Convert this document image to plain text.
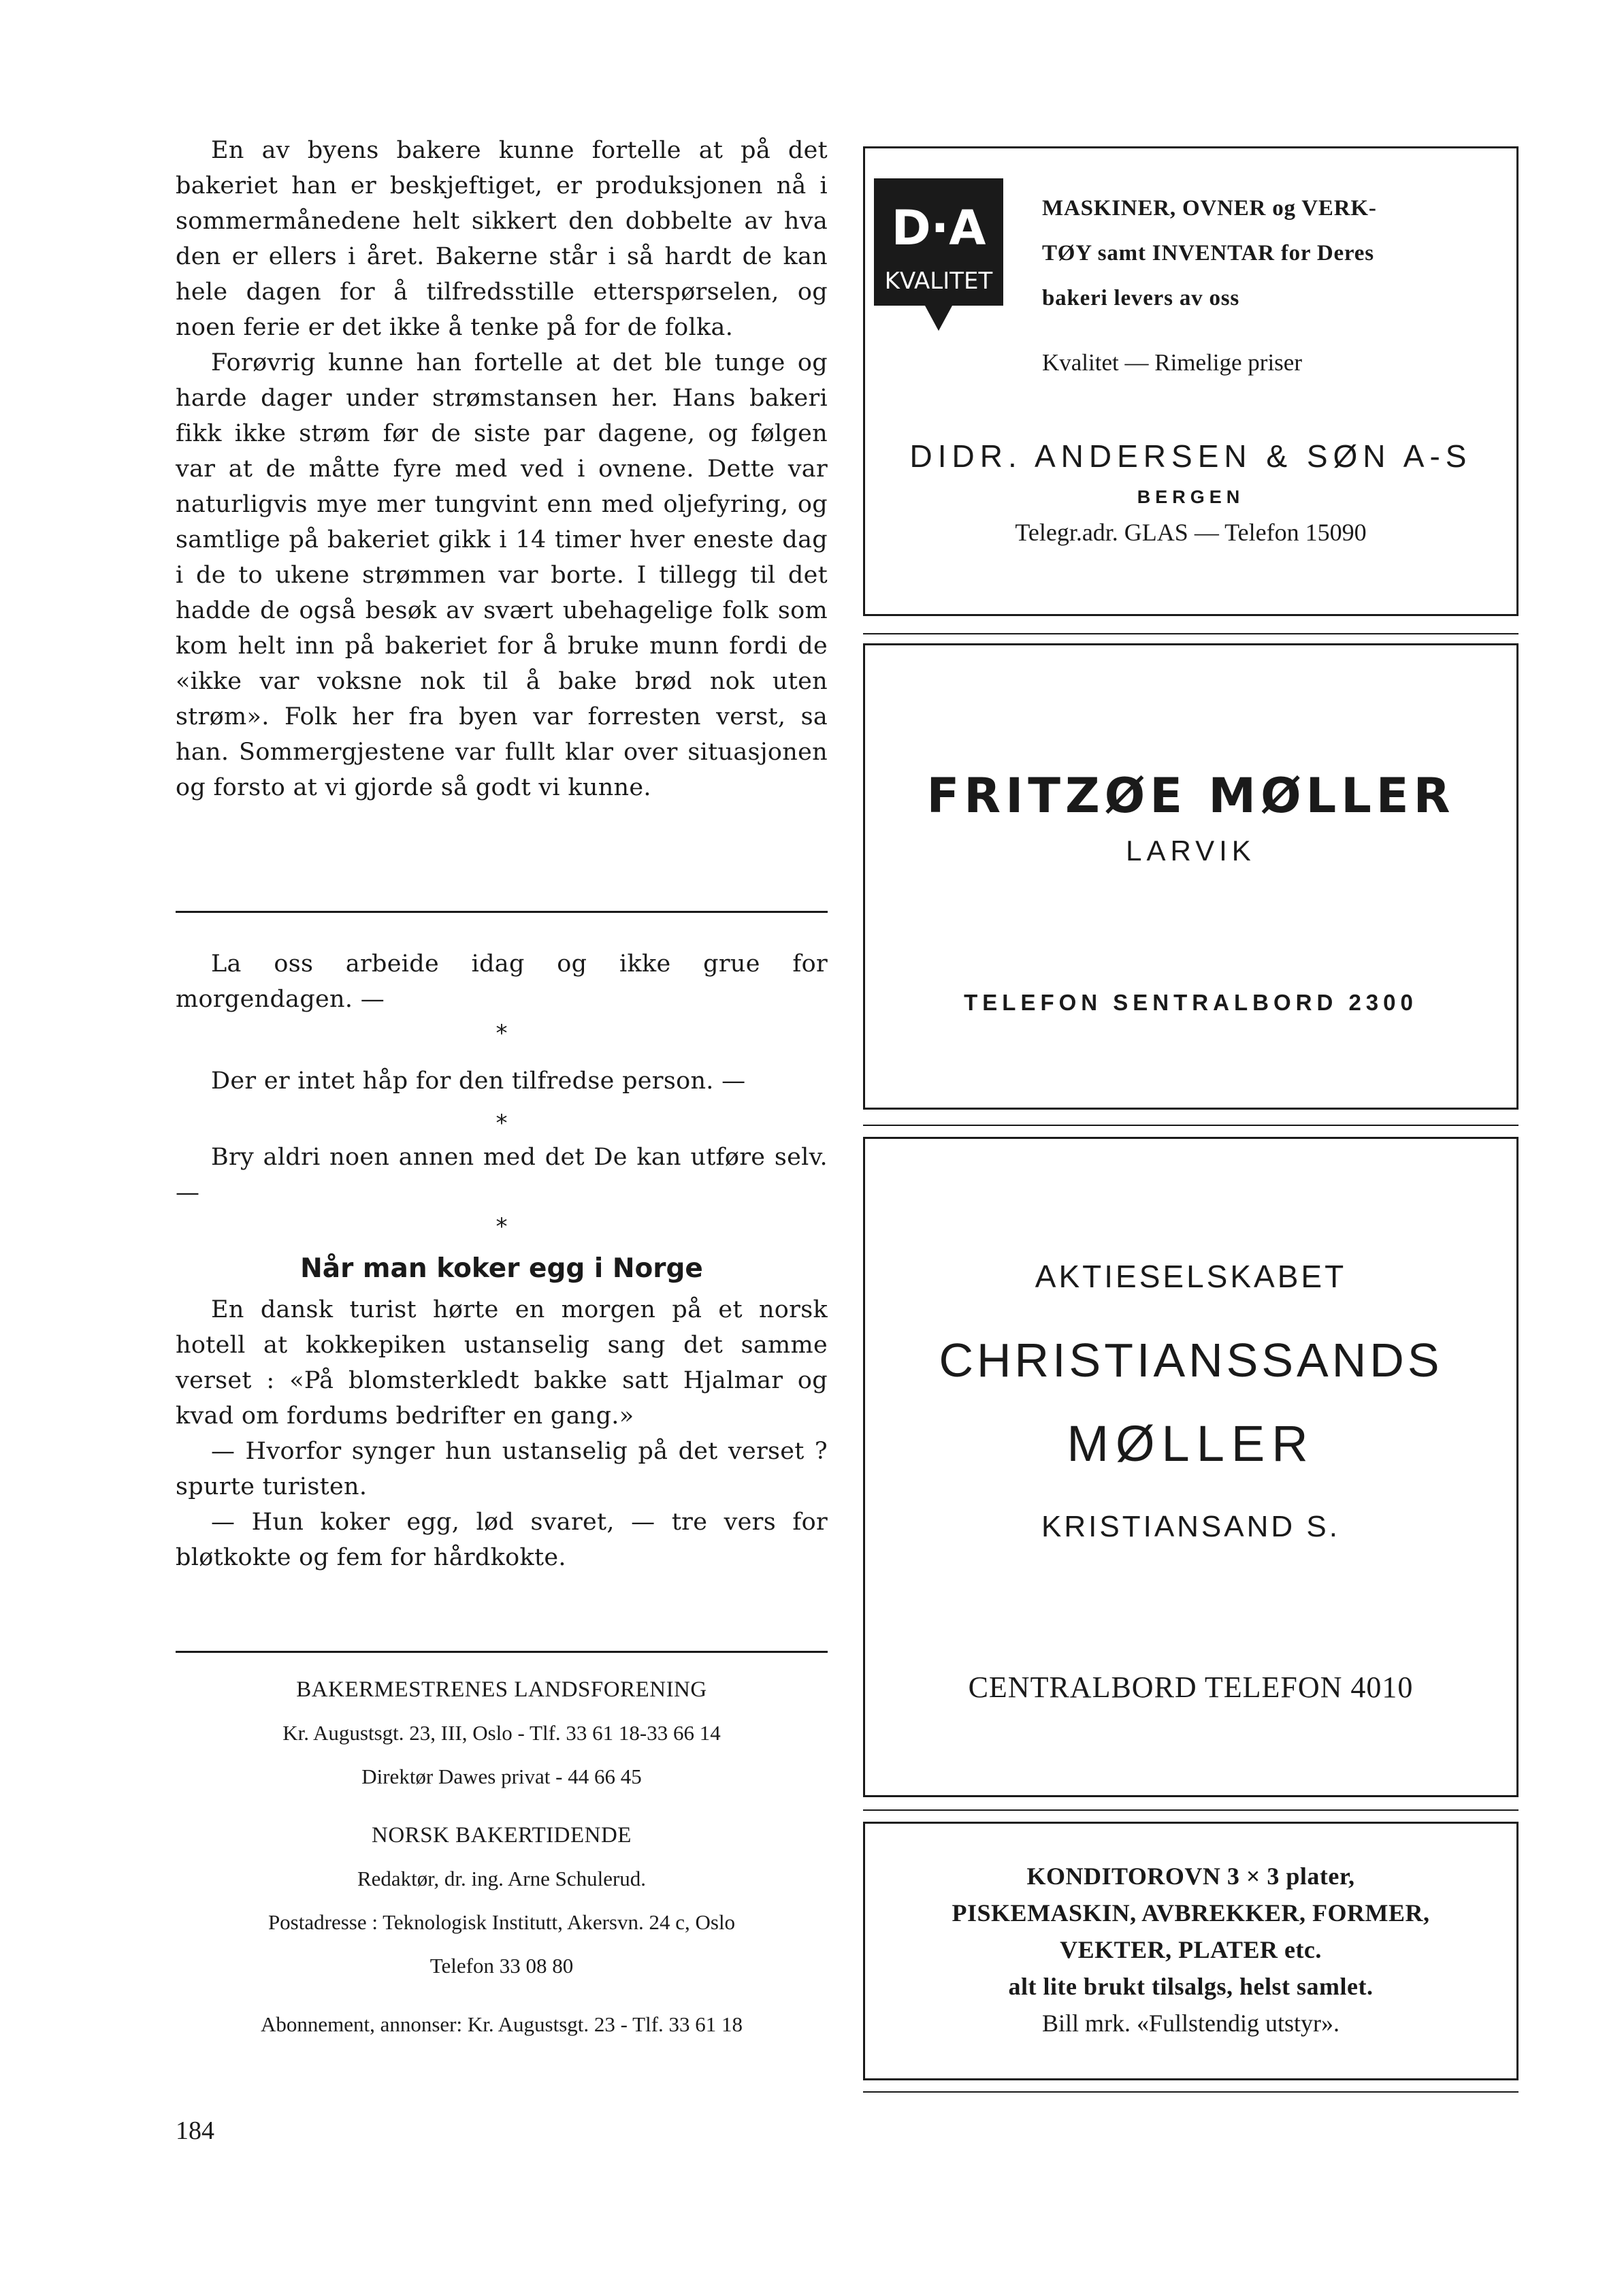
En av byens bakere kunne fortelle at på det bakeriet han er beskjeftiget, er produksjonen nå i sommermånedene helt sikkert den dobbelte av hva den er ellers i året. Bakerne står i så hardt de kan hele dagen for å tilfredsstille etterspørselen, og noen ferie er det ikke å tenke på for de folka.

Forøvrig kunne han fortelle at det ble tunge og harde dager under strømstansen her. Hans bakeri fikk ikke strøm før de siste par dagene, og følgen var at de måtte fyre med ved i ovnene. Dette var naturligvis mye mer tungvint enn med oljefyring, og samtlige på bakeriet gikk i 14 timer hver eneste dag i de to ukene strømmen var borte. I tillegg til det hadde de også besøk av svært ubehagelige folk som kom helt inn på bakeriet for å bruke munn fordi de «ikke var voksne nok til å bake brød nok uten strøm». Folk her fra byen var forresten verst, sa han. Sommergjestene var fullt klar over situasjonen og forsto at vi gjorde så godt vi kunne.

La oss arbeide idag og ikke grue for morgendagen. —

*

Der er intet håp for den tilfredse person. —

*

Bry aldri noen annen med det De kan utføre selv. —

*
Når man koker egg i Norge

En dansk turist hørte en morgen på et norsk hotell at kokkepiken ustanselig sang det samme verset : «På blomsterkledt bakke satt Hjalmar og kvad om fordums bedrifter en gang.»

— Hvorfor synger hun ustanselig på det verset ? spurte turisten.

— Hun koker egg, lød svaret, — tre vers for bløtkokte og fem for hårdkokte.

BAKERMESTRENES LANDSFORENING
Kr. Augustsgt. 23, III, Oslo - Tlf. 33 61 18-33 66 14
Direktør Dawes privat - 44 66 45
NORSK BAKERTIDENDE
Redaktør, dr. ing. Arne Schulerud.
Postadresse : Teknologisk Institutt, Akersvn. 24 c, Oslo
Telefon 33 08 80
Abonnement, annonser: Kr. Augustsgt. 23 - Tlf. 33 61 18
184
D·A
KVALITET
MASKINER, OVNER og VERK-
TØY samt INVENTAR for Deres
bakeri levers av oss
Kvalitet — Rimelige priser
DIDR. ANDERSEN & SØN A-S
BERGEN
Telegr.adr. GLAS — Telefon 15090
FRITZØE MØLLER
LARVIK
TELEFON SENTRALBORD 2300
AKTIESELSKABET
CHRISTIANSSANDS
MØLLER
KRISTIANSAND S.
CENTRALBORD TELEFON 4010
KONDITOROVN 3 × 3 plater,
PISKEMASKIN, AVBREKKER, FORMER,
VEKTER, PLATER etc.
alt lite brukt tilsalgs, helst samlet.
Bill mrk. «Fullstendig utstyr».
